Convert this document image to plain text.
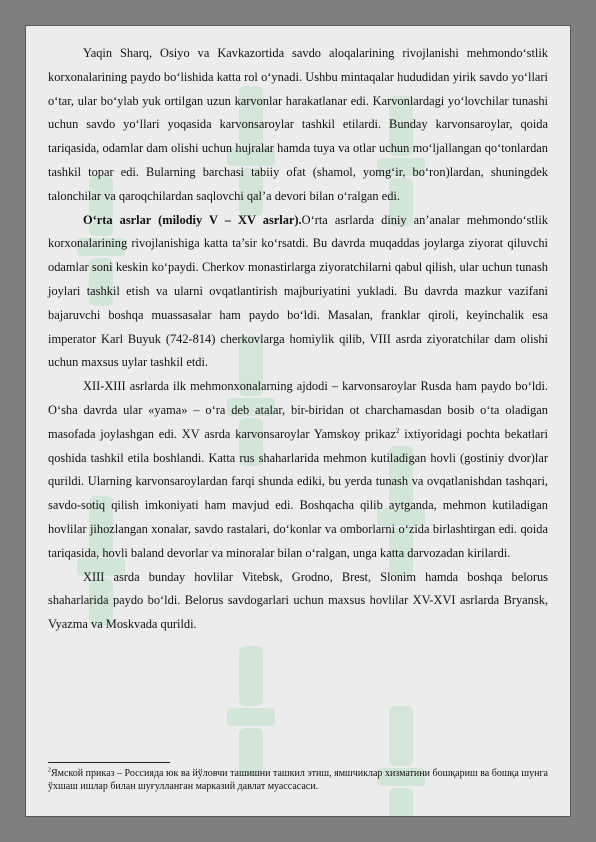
Yaqin Sharq, Osiyo va Kavkazortida savdo aloqalarining rivojlanishi mehmondo‘stlik korxonalarining paydo bo‘lishida katta rol o‘ynadi. Ushbu mintaqalar hududidan yirik savdo yo‘llari o‘tar, ular bo‘ylab yuk ortilgan uzun karvonlar harakatlanar edi. Karvonlardagi yo‘lovchilar tunashi uchun savdo yo‘llari yoqasida karvonsaroylar tashkil etilardi. Bunday karvonsaroylar, qoida tariqasida, odamlar dam olishi uchun hujralar hamda tuya va otlar uchun mo‘ljallangan qo‘tonlardan tashkil topar edi. Bularning barchasi tabiiy ofat (shamol, yomg‘ir, bo‘ron)lardan, shuningdek talonchilar va qaroqchilardan saqlovchi qal’a devori bilan o‘ralgan edi.

O‘rta asrlar (milodiy V – XV asrlar).O‘rta asrlarda diniy an’analar mehmondo‘stlik korxonalarining rivojlanishiga katta ta’sir ko‘rsatdi. Bu davrda muqaddas joylarga ziyorat qiluvchi odamlar soni keskin ko‘paydi. Cherkov monastirlarga ziyoratchilarni qabul qilish, ular uchun tunash joylari tashkil etish va ularni ovqatlantirish majburiyatini yukladi. Bu davrda mazkur vazifani bajaruvchi boshqa muassasalar ham paydo bo‘ldi. Masalan, franklar qiroli, keyinchalik esa imperator Karl Buyuk (742-814) cherkovlarga homiylik qilib, VIII asrda ziyoratchilar dam olishi uchun maxsus uylar tashkil etdi.

XII-XIII asrlarda ilk mehmonxonalarning ajdodi – karvonsaroylar Rusda ham paydo bo‘ldi. O‘sha davrda ular «yama» – o‘ra deb atalar, bir-biridan ot charchamasdan bosib o‘ta oladigan masofada joylashgan edi. XV asrda karvonsaroylar Yamskoy prikaz$^2$ ixtiyoridagi pochta bekatlari qoshida tashkil etila boshlandi. Katta rus shaharlarida mehmon kutiladigan hovli (gostiniy dvor)lar qurildi. Ularning karvonsaroylardan farqi shunda ediki, bu yerda tunash va ovqatlanishdan tashqari, savdo-sotiq qilish imkoniyati ham mavjud edi. Boshqacha qilib aytganda, mehmon kutiladigan hovlilar jihozlangan xonalar, savdo rastalari, do‘konlar va omborlarni o‘zida birlashtirgan edi. qoida tariqasida, hovli baland devorlar va minoralar bilan o‘ralgan, unga katta darvozadan kirilardi.

XIII asrda bunday hovlilar Vitebsk, Grodno, Brest, Slonim hamda boshqa belorus shaharlarida paydo bo‘ldi. Belorus savdogarlari uchun maxsus hovlilar XV-XVI asrlarda Bryansk, Vyazma va Moskvada qurildi.

$^2$Ямской приказ – Россияда юк ва йўловчи ташишни ташкил этиш, ямшчиклар хизматини бошқариш ва бошқа шунга ўхшаш ишлар билан шуғулланган марказий давлат муассасаси.
